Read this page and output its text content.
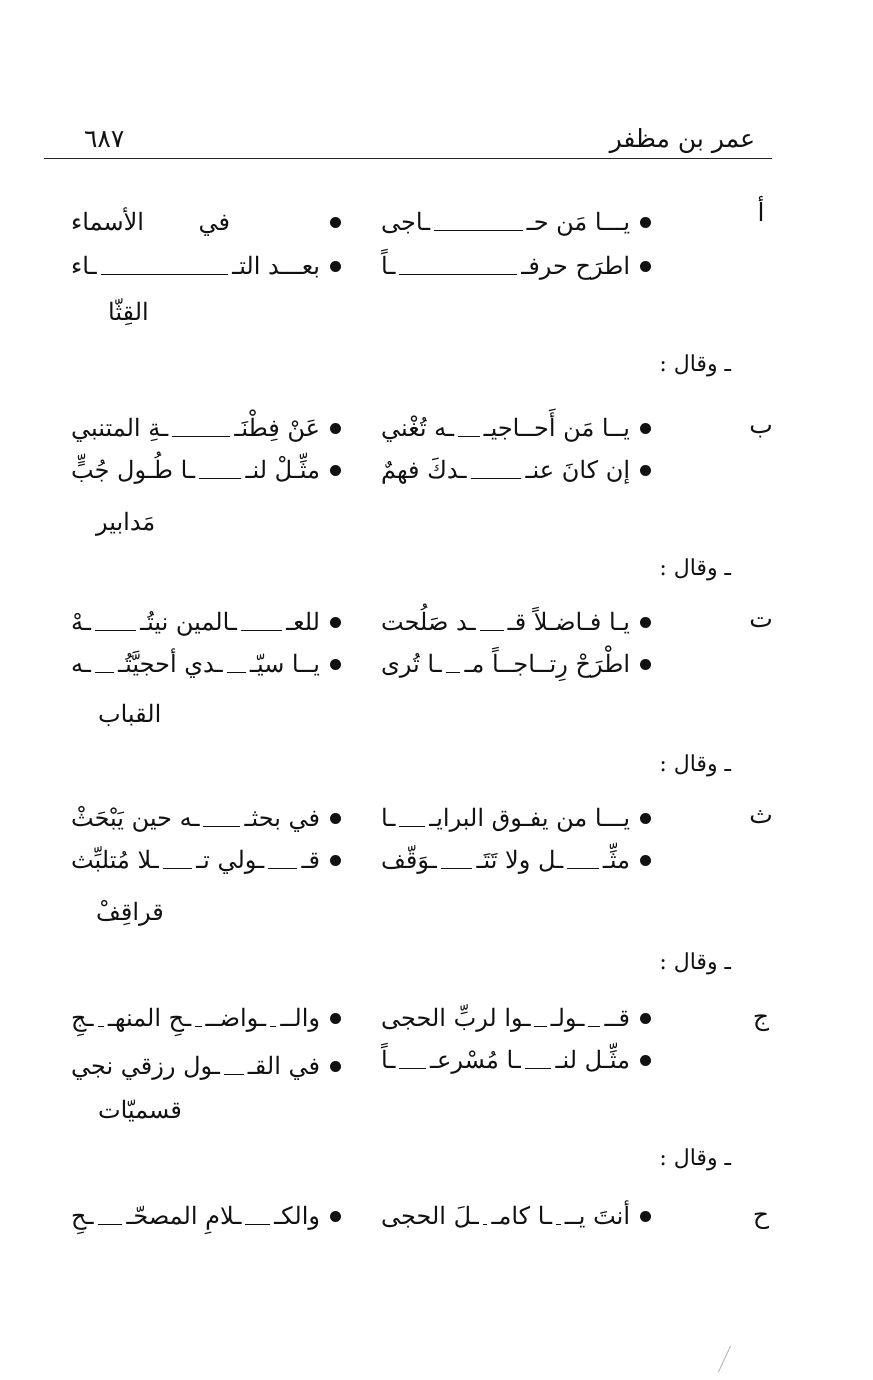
عمر بن مظفر
٦٨٧
أ
يـــا مَن حـ
ـاجى
اطرَح حرفـ
ـاً
في
الأسماء
بعـــد التـ
ـاء
القِثّا
ـ وقال :
ب
يــا مَن أَحــاجيـ
ـه تُغْني
إن كانَ عنـ
ـدكَ فهمٌ
عَنْ فِطْنَـ
ـةِ المتنبي
مثِّـلْ لنـ
ـا طُـول جُبٍّ
مَدابير
ـ وقال :
ت
يـا فـاضـلاً قـ
ـد صَلُحت
اطْرَحْ رِتــاجــاً مـ
ـا تُرى
للعـ
ـالمين نيتُـ
ـهْ
يــا سيّـ
ـدي أحجيَّتُـ
ـه
القباب
ـ وقال :
ث
يـــا من يفـوق البرايـ
ـا
مثِّـ
ـل ولا تَتَـ
ـوَقّف
في بحثـ
ـه حين يَبْحَثْ
قـ
ـولي تـ
ـلا مُتلبِّث
قراقِفْ
ـ وقال :
ج
قــ
ـولـ
ـوا لربِّ الحجى
مثِّـل لنـ
ـا مُسْرعـ
ـاً
والــ
ـواضــ
ـحِ المنهـ
ـجِ
في القـ
ـول رزقي نجي
قسميّات
ـ وقال :
ح
أنتَ يــ
ـا كامـ
ـلَ الحجى
والكـ
ـلامِ المصحّـ
ـحِ
